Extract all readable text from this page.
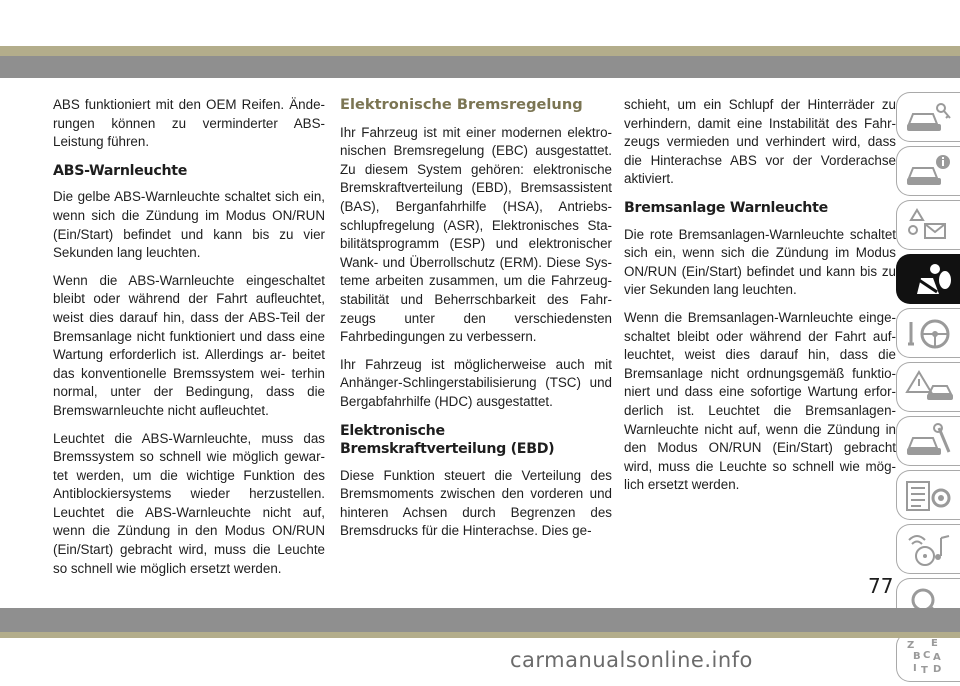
ABS funktioniert mit den OEM Reifen. Ände- rungen können zu verminderter ABS- Leistung führen.

ABS-Warnleuchte

Die gelbe ABS-Warnleuchte schaltet sich ein, wenn sich die Zündung im Modus ON/RUN (Ein/Start) befindet und kann bis zu vier Sekunden lang leuchten.

Wenn die ABS-Warnleuchte eingeschaltet bleibt oder während der Fahrt aufleuchtet, weist dies darauf hin, dass der ABS-Teil der Bremsanlage nicht funktioniert und dass eine Wartung erforderlich ist. Allerdings ar- beitet das konventionelle Bremssystem wei- terhin normal, unter der Bedingung, dass die Bremswarnleuchte nicht aufleuchtet.

Leuchtet die ABS-Warnleuchte, muss das Bremssystem so schnell wie möglich gewar- tet werden, um die wichtige Funktion des Antiblockiersystems wieder herzustellen. Leuchtet die ABS-Warnleuchte nicht auf, wenn die Zündung in den Modus ON/RUN (Ein/Start) gebracht wird, muss die Leuchte so schnell wie möglich ersetzt werden.

Elektronische Bremsregelung

Ihr Fahrzeug ist mit einer modernen elektro- nischen Bremsregelung (EBC) ausgestattet. Zu diesem System gehören: elektronische Bremskraftverteilung (EBD), Bremsassistent (BAS), Berganfahrhilfe (HSA), Antriebs- schlupfregelung (ASR), Elektronisches Sta- bilitätsprogramm (ESP) und elektronischer Wank- und Überrollschutz (ERM). Diese Sys- teme arbeiten zusammen, um die Fahrzeug- stabilität und Beherrschbarkeit des Fahr- zeugs unter den verschiedensten Fahrbedingungen zu verbessern.

Ihr Fahrzeug ist möglicherweise auch mit Anhänger-Schlingerstabilisierung (TSC) und Bergabfahrhilfe (HDC) ausgestattet.

Elektronische Bremskraftverteilung (EBD)

Diese Funktion steuert die Verteilung des Bremsmoments zwischen den vorderen und hinteren Achsen durch Begrenzen des Bremsdrucks für die Hinterachse. Dies ge-

schieht, um ein Schlupf der Hinterräder zu verhindern, damit eine Instabilität des Fahr- zeugs vermieden und verhindert wird, dass die Hinterachse ABS vor der Vorderachse aktiviert.

Bremsanlage Warnleuchte

Die rote Bremsanlagen-Warnleuchte schaltet sich ein, wenn sich die Zündung im Modus ON/RUN (Ein/Start) befindet und kann bis zu vier Sekunden lang leuchten.

Wenn die Bremsanlagen-Warnleuchte einge- schaltet bleibt oder während der Fahrt auf- leuchtet, weist dies darauf hin, dass die Bremsanlage nicht ordnungsgemäß funktio- niert und dass eine sofortige Wartung erfor- derlich ist. Leuchtet die Bremsanlagen- Warnleuchte nicht auf, wenn die Zündung in den Modus ON/RUN (Ein/Start) gebracht wird, muss die Leuchte so schnell wie mög- lich ersetzt werden.

Z E
B A
C
I T D
77
carmanualsonline.info
